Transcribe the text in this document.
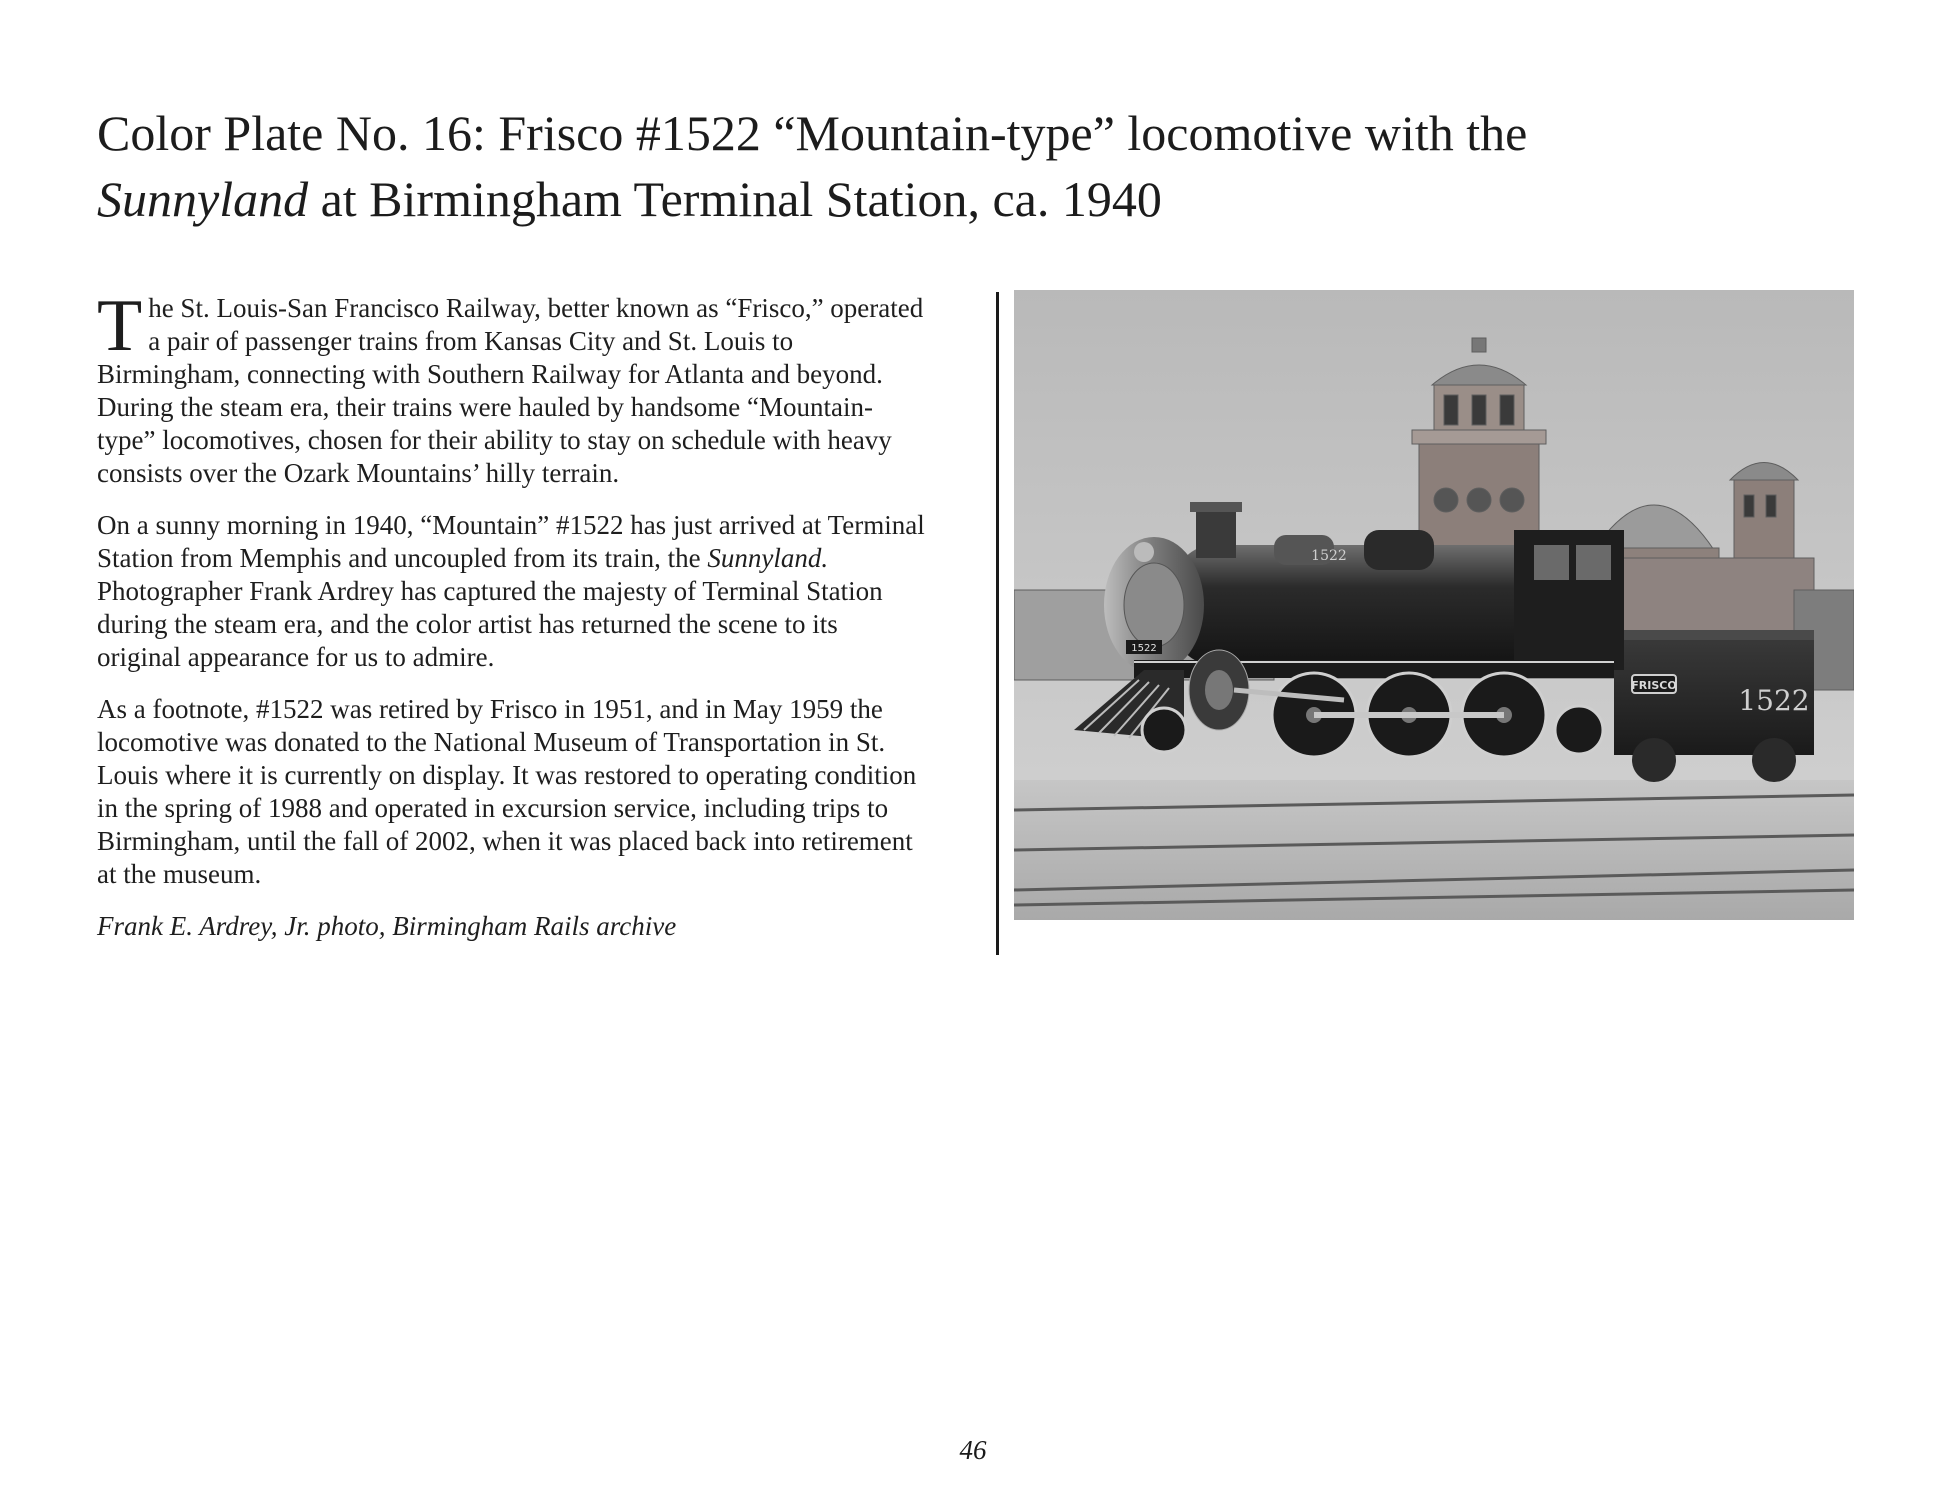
Color Plate No. 16: Frisco #1522 “Mountain-type” locomotive with the
Sunnyland at Birmingham Terminal Station, ca. 1940

The St. Louis-San Francisco Railway, better known as “Frisco,” operated a pair of passenger trains from Kansas City and St. Louis to Birmingham, connecting with Southern Railway for Atlanta and beyond. During the steam era, their trains were hauled by handsome “Mountain-type” locomotives, chosen for their ability to stay on schedule with heavy consists over the Ozark Mountains’ hilly terrain.

On a sunny morning in 1940, “Mountain” #1522 has just arrived at Terminal Station from Memphis and uncoupled from its train, the Sunnyland. Photographer Frank Ardrey has captured the majesty of Terminal Station during the steam era, and the color artist has returned the scene to its original appearance for us to admire.

As a footnote, #1522 was retired by Frisco in 1951, and in May 1959 the locomotive was donated to the National Museum of Transportation in St. Louis where it is currently on display. It was restored to operating condition in the spring of 1988 and operated in excursion service, including trips to Birmingham, until the fall of 2002, when it was placed back into retirement at the museum.

Frank E. Ardrey, Jr. photo, Birmingham Rails archive

FRISCO 1522
1522
1522
46
